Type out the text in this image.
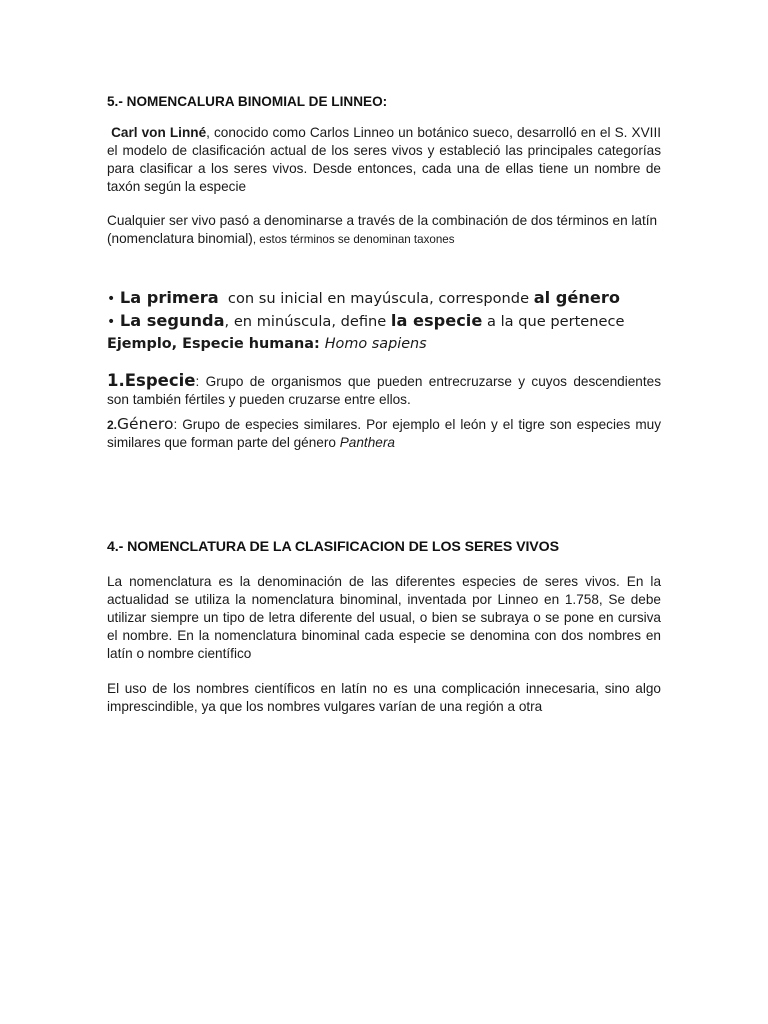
5.- NOMENCALURA BINOMIAL DE LINNEO:

Carl von Linné, conocido como Carlos Linneo un botánico sueco, desarrolló en el S. XVIII el modelo de clasificación actual de los seres vivos y estableció las principales categorías para clasificar a los seres vivos. Desde entonces, cada una de ellas tiene un nombre de taxón según la especie

Cualquier ser vivo pasó a denominarse a través de la combinación de dos términos en latín (nomenclatura binomial), estos términos se denominan taxones

• La primera  con su inicial en mayúscula, corresponde al género
• La segunda, en minúscula, define la especie a la que pertenece
Ejemplo, Especie humana: Homo sapiens
1.Especie: Grupo de organismos que pueden entrecruzarse y cuyos descendientes son también fértiles y pueden cruzarse entre ellos.
2.Género: Grupo de especies similares. Por ejemplo el león y el tigre son especies muy similares que forman parte del género Panthera
4.- NOMENCLATURA DE LA CLASIFICACION DE LOS SERES VIVOS

La nomenclatura es la denominación de las diferentes especies de seres vivos. En la actualidad se utiliza la nomenclatura binominal, inventada por Linneo en 1.758, Se debe utilizar siempre un tipo de letra diferente del usual, o bien se subraya o se pone en cursiva el nombre. En la nomenclatura binominal cada especie se denomina con dos nombres en latín o nombre científico

El uso de los nombres científicos en latín no es una complicación innecesaria, sino algo imprescindible, ya que los nombres vulgares varían de una región a otra
